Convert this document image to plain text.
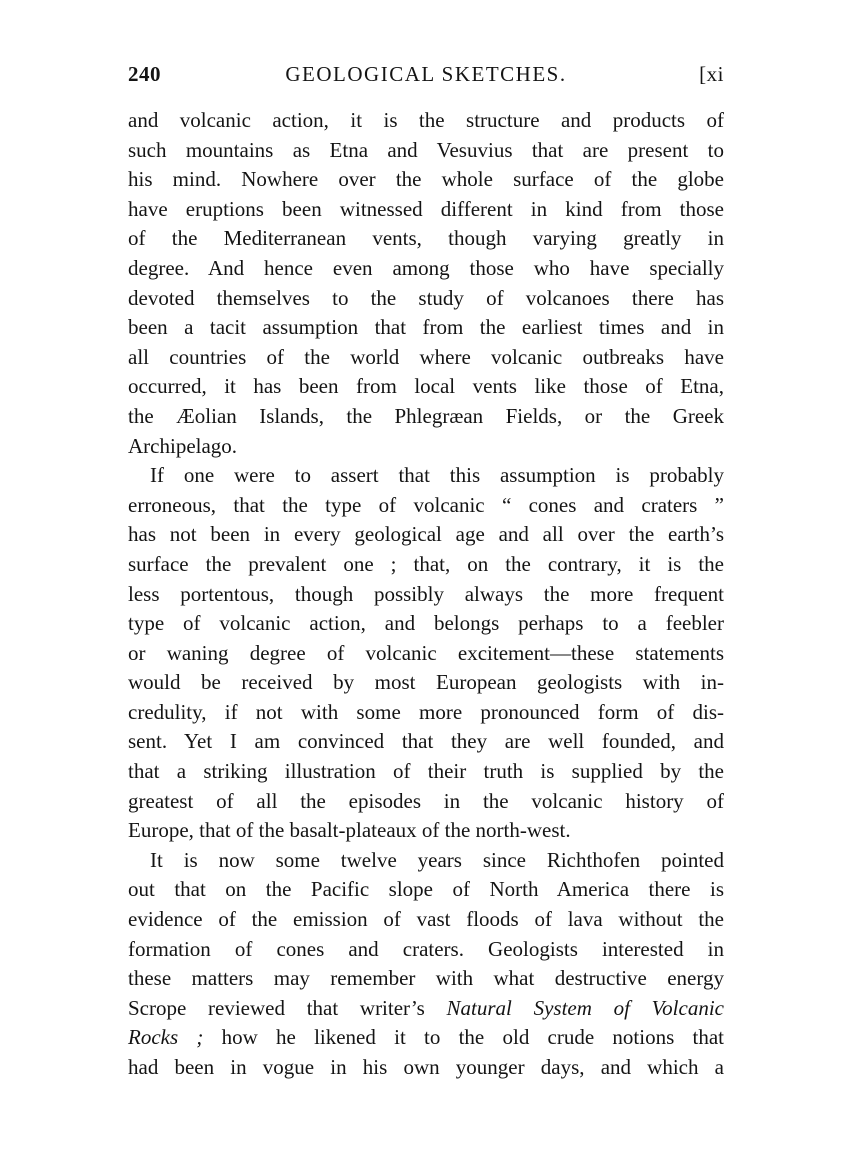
240	GEOLOGICAL SKETCHES.	[xi
and volcanic action, it is the structure and products of
such mountains as Etna and Vesuvius that are present to
his mind. Nowhere over the whole surface of the globe
have eruptions been witnessed different in kind from those
of the Mediterranean vents, though varying greatly in
degree. And hence even among those who have specially
devoted themselves to the study of volcanoes there has
been a tacit assumption that from the earliest times and in
all countries of the world where volcanic outbreaks have
occurred, it has been from local vents like those of Etna,
the Æolian Islands, the Phlegræan Fields, or the Greek
Archipelago.
If one were to assert that this assumption is probably
erroneous, that the type of volcanic “ cones and craters ”
has not been in every geological age and all over the earth’s
surface the prevalent one ; that, on the contrary, it is the
less portentous, though possibly always the more frequent
type of volcanic action, and belongs perhaps to a feebler
or waning degree of volcanic excitement—these statements
would be received by most European geologists with in-
credulity, if not with some more pronounced form of dis-
sent. Yet I am convinced that they are well founded, and
that a striking illustration of their truth is supplied by the
greatest of all the episodes in the volcanic history of
Europe, that of the basalt-plateaux of the north-west.
It is now some twelve years since Richthofen pointed
out that on the Pacific slope of North America there is
evidence of the emission of vast floods of lava without the
formation of cones and craters. Geologists interested in
these matters may remember with what destructive energy
Scrope reviewed that writer’s Natural System of Volcanic
Rocks ; how he likened it to the old crude notions that
had been in vogue in his own younger days, and which a
